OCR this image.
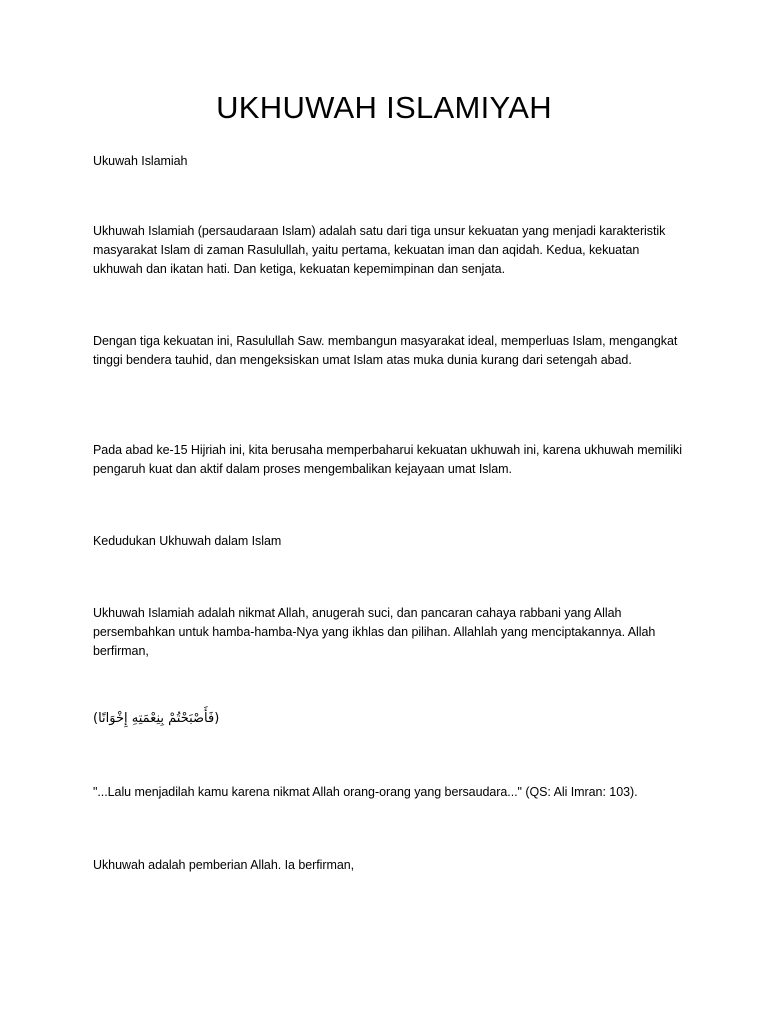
UKHUWAH ISLAMIYAH
Ukuwah Islamiah
Ukhuwah Islamiah (persaudaraan Islam) adalah satu dari tiga unsur kekuatan yang menjadi karakteristik masyarakat Islam di zaman Rasulullah, yaitu pertama, kekuatan iman dan aqidah. Kedua, kekuatan ukhuwah dan ikatan hati. Dan ketiga, kekuatan kepemimpinan dan senjata.
Dengan tiga kekuatan ini, Rasulullah Saw. membangun masyarakat ideal, memperluas Islam, mengangkat tinggi bendera tauhid, dan mengeksiskan umat Islam atas muka dunia kurang dari setengah abad.
Pada abad ke-15 Hijriah ini, kita berusaha memperbaharui kekuatan ukhuwah ini, karena ukhuwah memiliki pengaruh kuat dan aktif dalam proses mengembalikan kejayaan umat Islam.
Kedudukan Ukhuwah dalam Islam
Ukhuwah Islamiah adalah nikmat Allah, anugerah suci, dan pancaran cahaya rabbani yang Allah persembahkan untuk hamba-hamba-Nya yang ikhlas dan pilihan. Allahlah yang menciptakannya. Allah berfirman,
(فَأَصْبَحْتُمْ بِنِعْمَتِهِ إِخْوَانًا)
"...Lalu menjadilah kamu karena nikmat Allah orang-orang yang bersaudara..." (QS: Ali Imran: 103).
Ukhuwah adalah pemberian Allah. Ia berfirman,
